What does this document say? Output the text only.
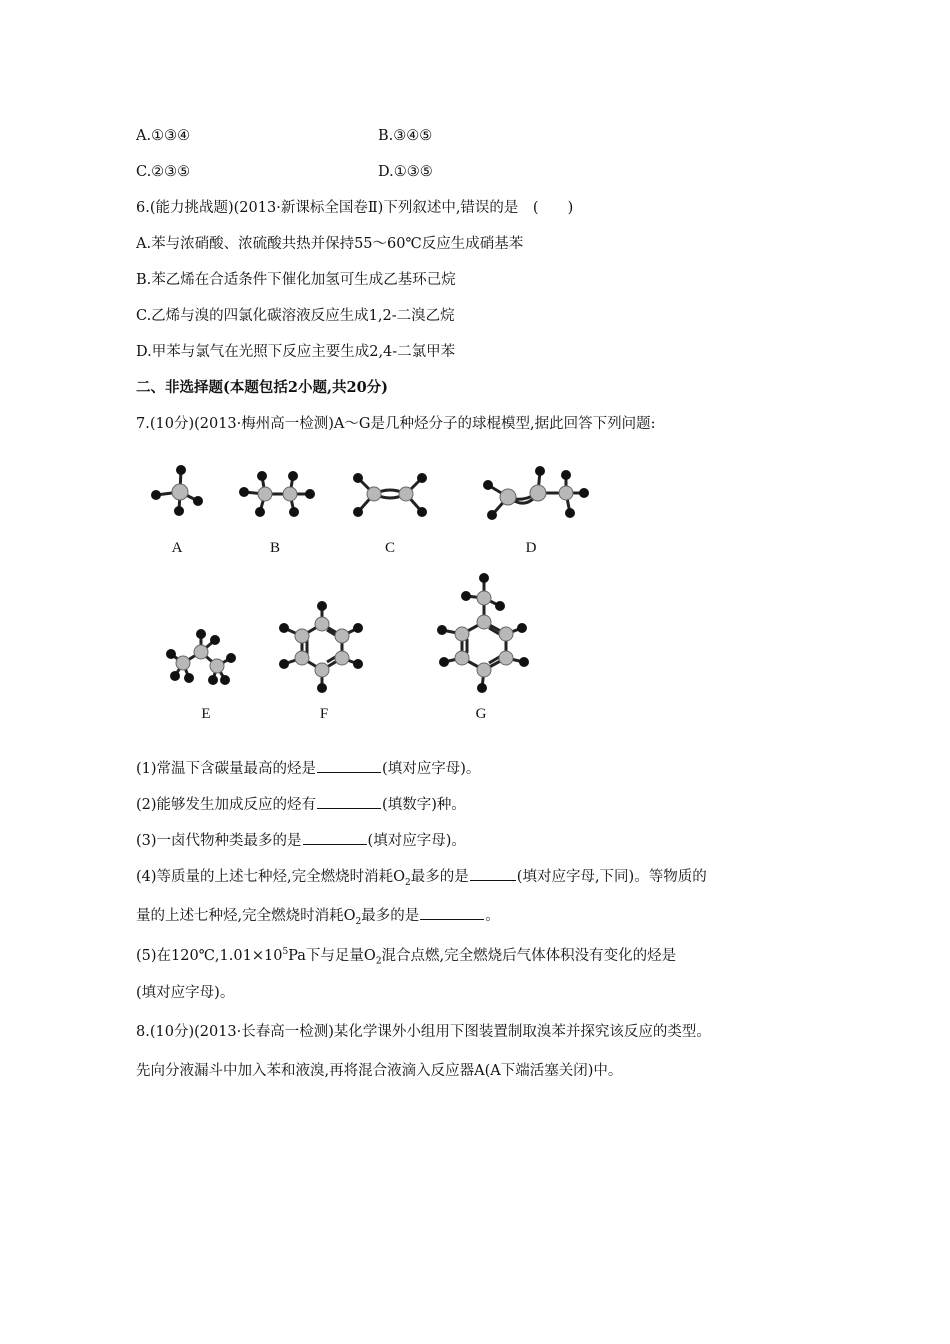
A.①③④	B.③④⑤
C.②③⑤	D.①③⑤
6.(能力挑战题)(2013·新课标全国卷Ⅱ)下列叙述中,错误的是　(　　)
A.苯与浓硝酸、浓硫酸共热并保持55～60℃反应生成硝基苯
B.苯乙烯在合适条件下催化加氢可生成乙基环己烷
C.乙烯与溴的四氯化碳溶液反应生成1,2-二溴乙烷
D.甲苯与氯气在光照下反应主要生成2,4-二氯甲苯
二、非选择题(本题包括2小题,共20分)
7.(10分)(2013·梅州高一检测)A～G是几种烃分子的球棍模型,据此回答下列问题:
A	B	C	D
E	F	G
(1)常温下含碳量最高的烃是	(填对应字母)。
(2)能够发生加成反应的烃有	(填数字)种。
(3)一卤代物种类最多的是	(填对应字母)。
(4)等质量的上述七种烃,完全燃烧时消耗$O_2$最多的是	(填对应字母,下同)。等物质的
量的上述七种烃,完全燃烧时消耗$O_2$最多的是	。
(5)在$120℃,1.01\times 10^5Pa$下与足量$O_2$混合点燃,完全燃烧后气体体积没有变化的烃是
(填对应字母)。
8.(10分)(2013·长春高一检测)某化学课外小组用下图装置制取溴苯并探究该反应的类型。
先向分液漏斗中加入苯和液溴,再将混合液滴入反应器A(A下端活塞关闭)中。
